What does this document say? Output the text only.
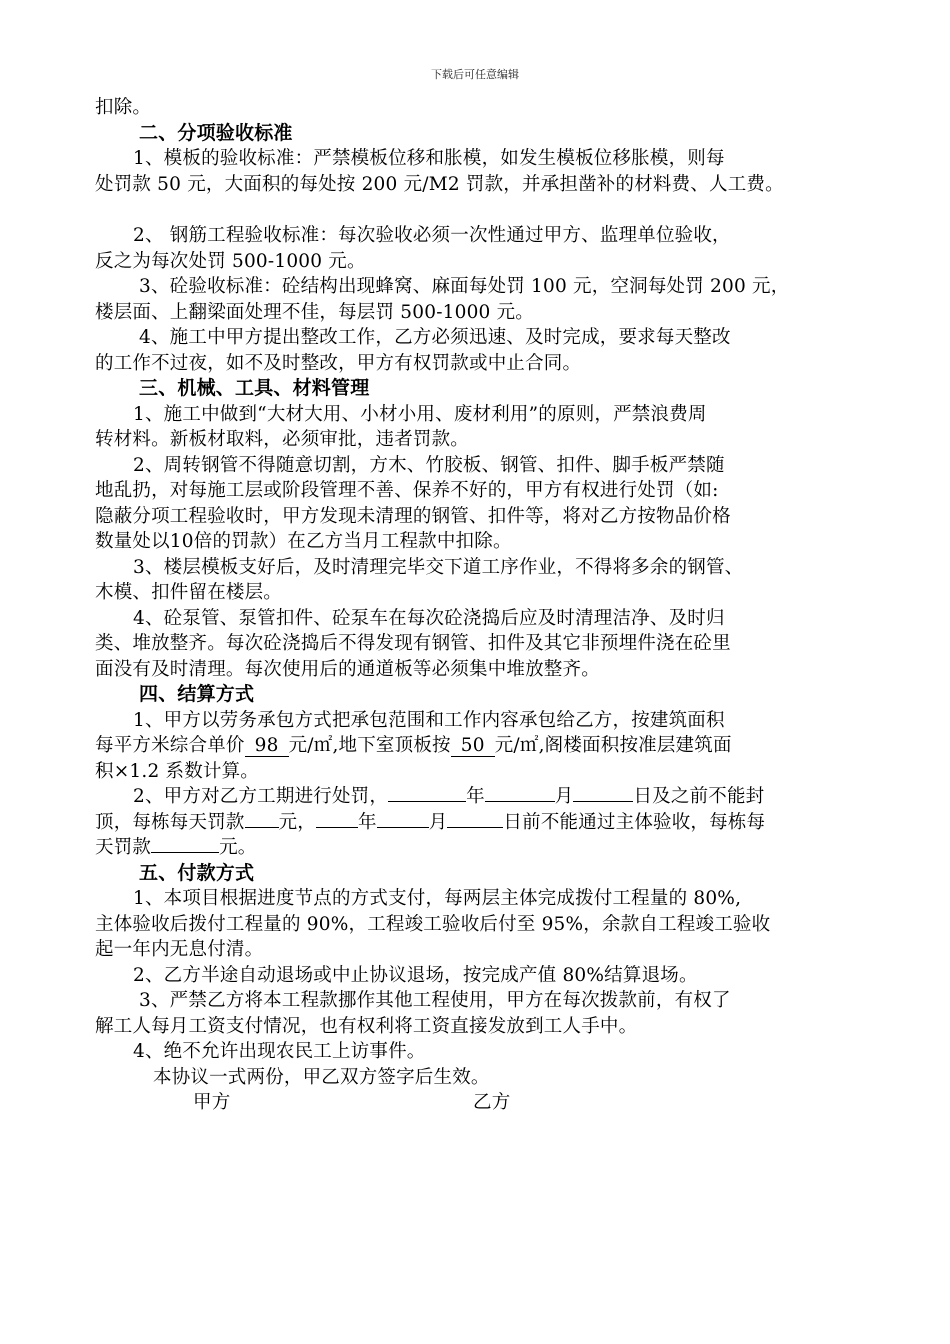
下载后可任意编辑
扣除。
二、分项验收标准
1、模板的验收标准：严禁模板位移和胀模，如发生模板位移胀模，则每
处罚款 50 元，大面积的每处按 200 元/M2 罚款，并承担凿补的材料费、人工费。
2、 钢筋工程验收标准：每次验收必须一次性通过甲方、监理单位验收，
反之为每次处罚 500-1000 元。
3、砼验收标准：砼结构出现蜂窝、麻面每处罚 100 元，空洞每处罚 200 元，
楼层面、上翻梁面处理不佳，每层罚 500-1000 元。
4、施工中甲方提出整改工作，乙方必须迅速、及时完成，要求每天整改
的工作不过夜，如不及时整改，甲方有权罚款或中止合同。
三、机械、工具、材料管理
1、施工中做到“大材大用、小材小用、废材利用”的原则，严禁浪费周
转材料。新板材取料，必须审批，违者罚款。
2、周转钢管不得随意切割，方木、竹胶板、钢管、扣件、脚手板严禁随
地乱扔，对每施工层或阶段管理不善、保养不好的，甲方有权进行处罚（如:
隐蔽分项工程验收时，甲方发现未清理的钢管、扣件等，将对乙方按物品价格
数量处以10倍的罚款）在乙方当月工程款中扣除。
3、楼层模板支好后，及时清理完毕交下道工序作业，不得将多余的钢管、
木模、扣件留在楼层。
4、砼泵管、泵管扣件、砼泵车在每次砼浇捣后应及时清理洁净、及时归
类、堆放整齐。每次砼浇捣后不得发现有钢管、扣件及其它非预埋件浇在砼里
面没有及时清理。每次使用后的通道板等必须集中堆放整齐。
四、结算方式
1、甲方以劳务承包方式把承包范围和工作内容承包给乙方，按建筑面积
每平方米综合单价 98 元/㎡,地下室顶板按 50 元/㎡,阁楼面积按准层建筑面
积×1.2 系数计算。
2、甲方对乙方工期进行处罚，	年	月	日及之前不能封
顶，每栋每天罚款 元， 年	月	日前不能通过主体验收，每栋每
天罚款	元。
五、付款方式
1、本项目根据进度节点的方式支付，每两层主体完成拨付工程量的 80%,
主体验收后拨付工程量的 90%，工程竣工验收后付至 95%，余款自工程竣工验收
起一年内无息付清。
2、乙方半途自动退场或中止协议退场，按完成产值 80%结算退场。
3、严禁乙方将本工程款挪作其他工程使用，甲方在每次拨款前，有权了
解工人每月工资支付情况，也有权利将工资直接发放到工人手中。
4、绝不允许出现农民工上访事件。
本协议一式两份，甲乙双方签字后生效。
甲方	乙方
